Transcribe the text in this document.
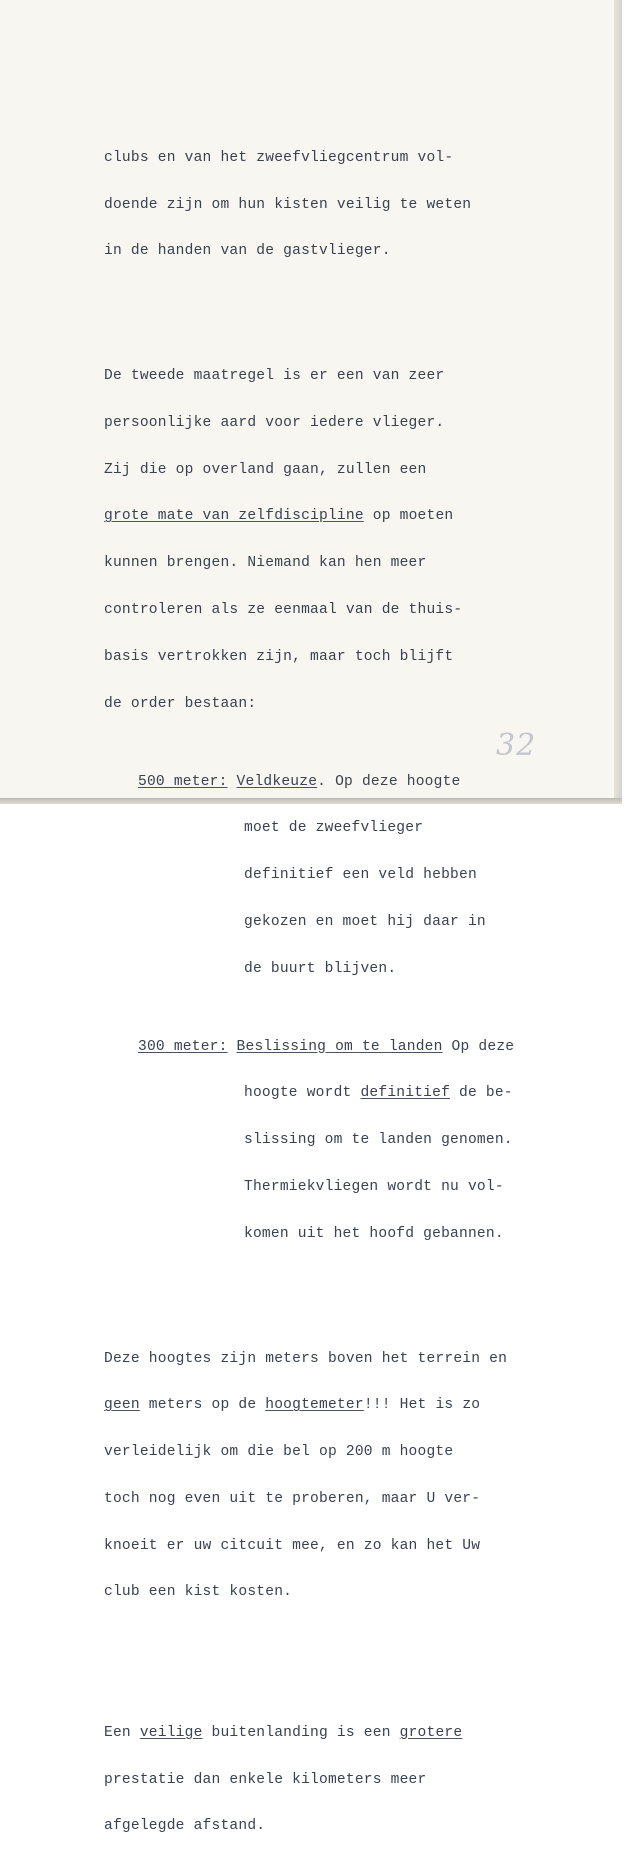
clubs en van het zweefvliegcentrum vol-

doende zijn om hun kisten veilig te weten

in de handen van de gastvlieger.

De tweede maatregel is er een van zeer

persoonlijke aard voor iedere vlieger.

Zij die op overland gaan, zullen een

grote mate van zelfdiscipline op moeten

kunnen brengen. Niemand kan hen meer

controleren als ze eenmaal van de thuis-

basis vertrokken zijn, maar toch blijft

de order bestaan:

500 meter: Veldkeuze. Op deze hoogte

moet de zweefvlieger

definitief een veld hebben

gekozen en moet hij daar in

de buurt blijven.

300 meter: Beslissing om te landen Op deze

hoogte wordt definitief de be-

slissing om te landen genomen.

Thermiekvliegen wordt nu vol-

komen uit het hoofd gebannen.

Deze hoogtes zijn meters boven het terrein en

geen meters op de hoogtemeter!!! Het is zo

verleidelijk om die bel op 200 m hoogte

toch nog even uit te proberen, maar U ver-

knoeit er uw citcuit mee, en zo kan het Uw

club een kist kosten.

Een veilige buitenlanding is een grotere

prestatie dan enkele kilometers meer

afgelegde afstand.

32
